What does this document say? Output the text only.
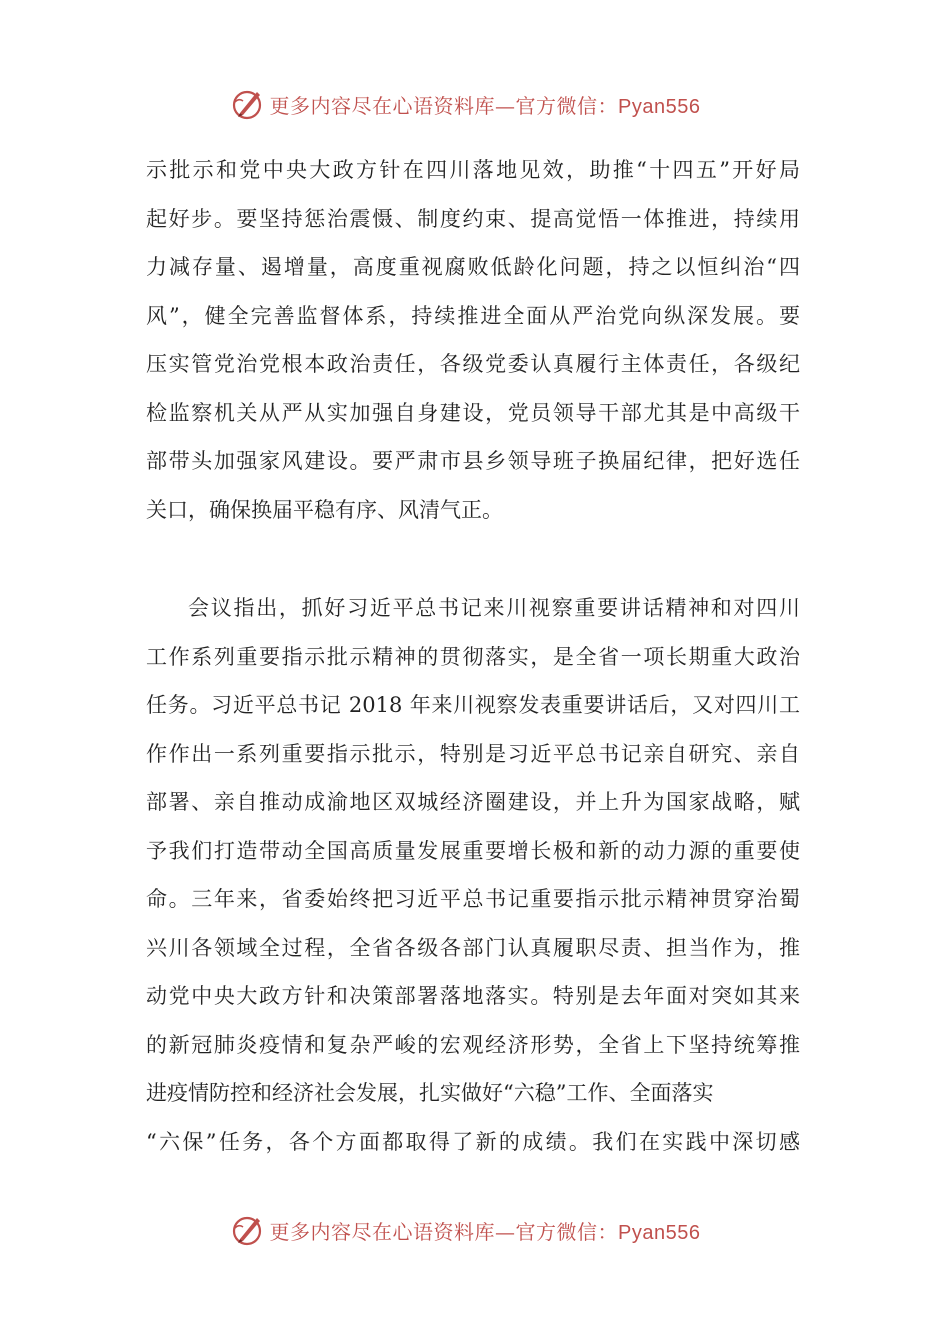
更多内容尽在心语资料库—官方微信：Pyan556
示批示和党中央大政方针在四川落地见效，助推“十四五”开好局
起好步。要坚持惩治震慑、制度约束、提高觉悟一体推进，持续用
力减存量、遏增量，高度重视腐败低龄化问题，持之以恒纠治“四
风”，健全完善监督体系，持续推进全面从严治党向纵深发展。要
压实管党治党根本政治责任，各级党委认真履行主体责任，各级纪
检监察机关从严从实加强自身建设，党员领导干部尤其是中高级干
部带头加强家风建设。要严肃市县乡领导班子换届纪律，把好选任
关口，确保换届平稳有序、风清气正。
会议指出，抓好习近平总书记来川视察重要讲话精神和对四川
工作系列重要指示批示精神的贯彻落实，是全省一项长期重大政治
任务。习近平总书记 2018 年来川视察发表重要讲话后，又对四川工
作作出一系列重要指示批示，特别是习近平总书记亲自研究、亲自
部署、亲自推动成渝地区双城经济圈建设，并上升为国家战略，赋
予我们打造带动全国高质量发展重要增长极和新的动力源的重要使
命。三年来，省委始终把习近平总书记重要指示批示精神贯穿治蜀
兴川各领域全过程，全省各级各部门认真履职尽责、担当作为，推
动党中央大政方针和决策部署落地落实。特别是去年面对突如其来
的新冠肺炎疫情和复杂严峻的宏观经济形势，全省上下坚持统筹推
进疫情防控和经济社会发展，扎实做好“六稳”工作、全面落实
“六保”任务，各个方面都取得了新的成绩。我们在实践中深切感
更多内容尽在心语资料库—官方微信：Pyan556
